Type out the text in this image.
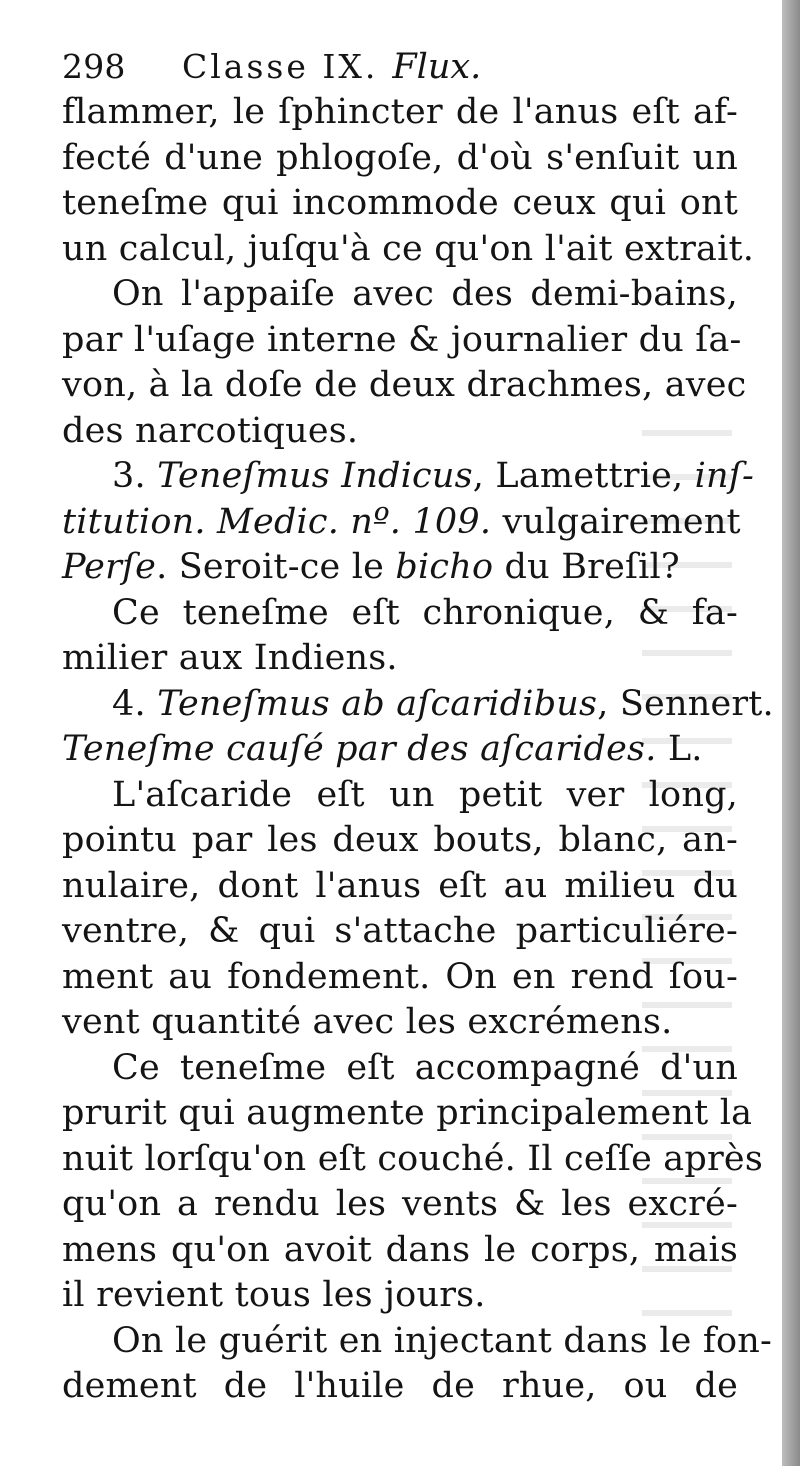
298	Classe IX. Flux.
flammer, le ſphincter de l'anus eſt af-
fecté d'une phlogoſe, d'où s'enſuit un
teneſme qui incommode ceux qui ont
un calcul, juſqu'à ce qu'on l'ait extrait.
On l'appaiſe avec des demi-bains,
par l'uſage interne & journalier du ſa-
von, à la doſe de deux drachmes, avec
des narcotiques.
3. Teneſmus Indicus, Lamettrie, inſ-
titution. Medic. nº. 109. vulgairement
Perſe. Seroit-ce le bicho du Breſil?
Ce teneſme eſt chronique, & fa-
milier aux Indiens.
4. Teneſmus ab aſcaridibus, Sennert.
Teneſme cauſé par des aſcarides. L.
L'aſcaride eſt un petit ver long,
pointu par les deux bouts, blanc, an-
nulaire, dont l'anus eſt au milieu du
ventre, & qui s'attache particuliére-
ment au fondement. On en rend ſou-
vent quantité avec les excrémens.
Ce teneſme eſt accompagné d'un
prurit qui augmente principalement la
nuit lorſqu'on eſt couché. Il ceſſe après
qu'on a rendu les vents & les excré-
mens qu'on avoit dans le corps, mais
il revient tous les jours.
On le guérit en injectant dans le fon-
dement de l'huile de rhue, ou de
